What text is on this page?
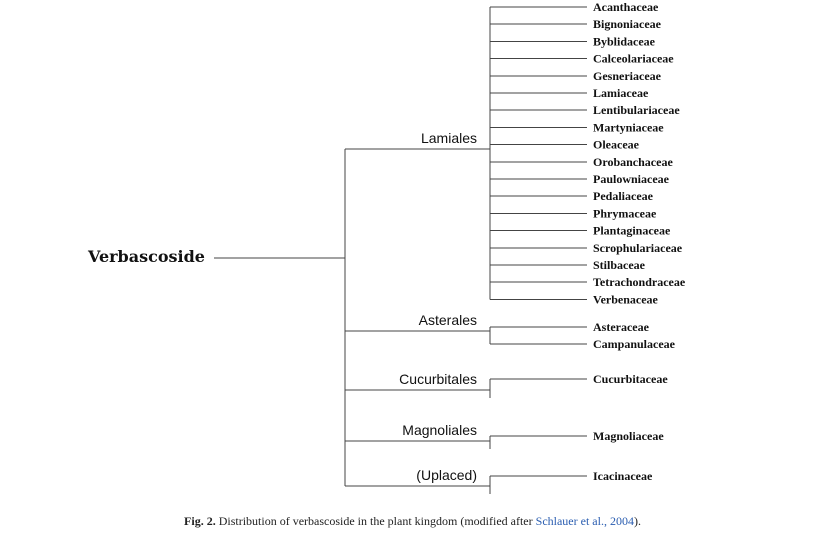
Verbascoside
Lamiales
Acanthaceae
Bignoniaceae
Byblidaceae
Calceolariaceae
Gesneriaceae
Lamiaceae
Lentibulariaceae
Martyniaceae
Oleaceae
Orobanchaceae
Paulowniaceae
Pedaliaceae
Phrymaceae
Plantaginaceae
Scrophulariaceae
Stilbaceae
Tetrachondraceae
Verbenaceae
Asterales	Asteraceae
Campanulaceae
Cucurbitales	Cucurbitaceae
Magnoliales	Magnoliaceae
(Uplaced)	Icacinaceae
Fig. 2. Distribution of verbascoside in the plant kingdom (modified after Schlauer et al., 2004).
